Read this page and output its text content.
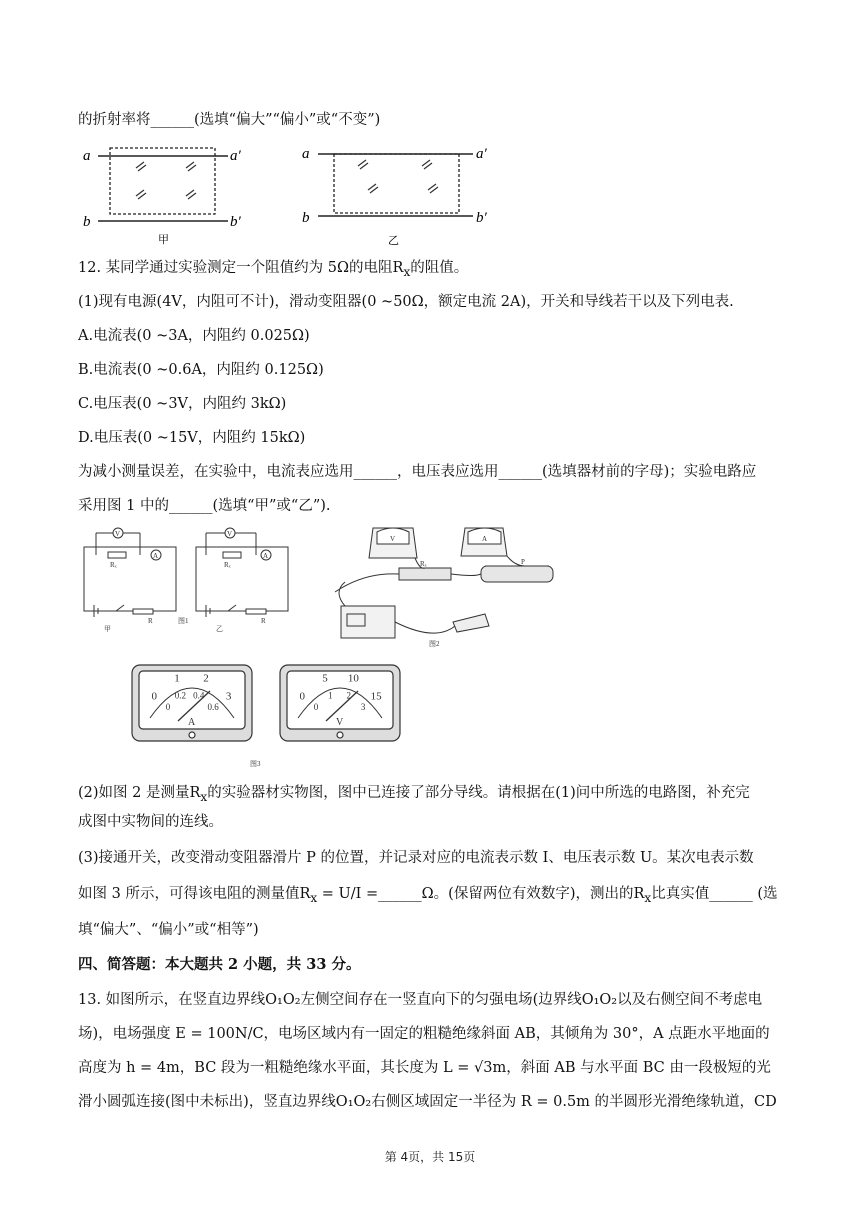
的折射率将______(选填“偏大”“偏小”或“不变”)
a	a′
b	b′
甲
a	a′
b	b′
乙
12. 某同学通过实验测定一个阻值约为 5Ω的电阻$R_x$的阻值。
(1)现有电源(4V，内阻可不计)，滑动变阻器(0 ~50Ω，额定电流 2A)，开关和导线若干以及下列电表.
A.电流表(0 ~3A，内阻约 0.025Ω)
B.电流表(0 ~0.6A，内阻约 0.125Ω)
C.电压表(0 ~3V，内阻约 3kΩ)
D.电压表(0 ~15V，内阻约 15kΩ)
为减小测量误差，在实验中，电流表应选用______，电压表应选用______(选填器材前的字母)；实验电路应
采用图 1 中的______(选填“甲”或“乙”).
V
A
Rₓ
R
V
A
Rₓ
R
甲	乙
图1
V	A
Rₓ	P
图2
A	V
图3
0
1 2
3
0
0.2 0.4
0.6
0
5 10
15
0
1 2
3
(2)如图 2 是测量$R_x$的实验器材实物图，图中已连接了部分导线。请根据在(1)问中所选的电路图，补充完
成图中实物间的连线。
(3)接通开关，改变滑动变阻器滑片 P 的位置，并记录对应的电流表示数 I、电压表示数 U。某次电表示数
如图 3 所示，可得该电阻的测量值$R_x = U/I$ =______Ω。(保留两位有效数字)，测出的$R_x$比真实值______ (选
填“偏大”、“偏小”或“相等”)
四、简答题：本大题共 2 小题，共 33 分。
13. 如图所示，在竖直边界线O₁O₂左侧空间存在一竖直向下的匀强电场(边界线O₁O₂以及右侧空间不考虑电
场)，电场强度 E = 100N/C，电场区域内有一固定的粗糙绝缘斜面 AB，其倾角为 30°，A 点距水平地面的
高度为 h = 4m，BC 段为一粗糙绝缘水平面，其长度为 L = √3m，斜面 AB 与水平面 BC 由一段极短的光
滑小圆弧连接(图中未标出)，竖直边界线O₁O₂右侧区域固定一半径为 R = 0.5m 的半圆形光滑绝缘轨道，CD
第 4页，共 15页
